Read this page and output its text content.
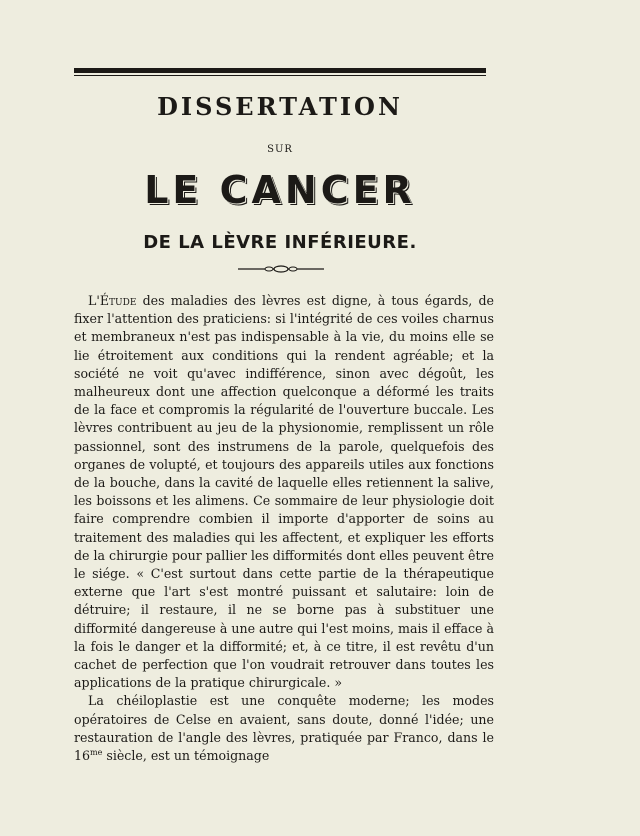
DISSERTATION
SUR
LE CANCER
DE LA LÈVRE INFÉRIEURE.

L'Étude des maladies des lèvres est digne, à tous égards, de fixer l'attention des praticiens: si l'intégrité de ces voiles charnus et membraneux n'est pas indispensable à la vie, du moins elle se lie étroitement aux conditions qui la rendent agréable; et la société ne voit qu'avec indifférence, sinon avec dégoût, les malheureux dont une affection quelconque a déformé les traits de la face et compromis la régularité de l'ouverture buccale. Les lèvres contribuent au jeu de la physionomie, remplissent un rôle passionnel, sont des instrumens de la parole, quelquefois des organes de volupté, et toujours des appareils utiles aux fonctions de la bouche, dans la cavité de laquelle elles retiennent la salive, les boissons et les alimens. Ce sommaire de leur physiologie doit faire comprendre combien il importe d'apporter de soins au traitement des maladies qui les affectent, et expliquer les efforts de la chirurgie pour pallier les difformités dont elles peuvent être le siége. « C'est surtout dans cette partie de la thérapeutique externe que l'art s'est montré puissant et salutaire: loin de détruire; il restaure, il ne se borne pas à substituer une difformité dangereuse à une autre qui l'est moins, mais il efface à la fois le danger et la difformité; et, à ce titre, il est revêtu d'un cachet de perfection que l'on voudrait retrouver dans toutes les applications de la pratique chirurgicale. »

La chéiloplastie est une conquête moderne; les modes opératoires de Celse en avaient, sans doute, donné l'idée; une restauration de l'angle des lèvres, pratiquée par Franco, dans le $16^{me}$ siècle, est un témoignage
